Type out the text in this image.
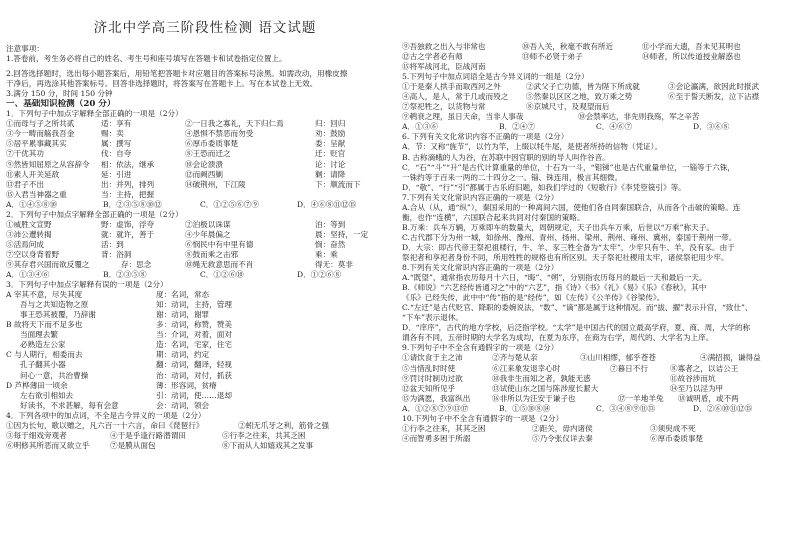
济北中学高三阶段性检测 语文试题
注意事项：
1.答卷前，考生务必将自己的姓名、考生号和座号填写在答题卡和试卷指定位置上。
2.回答选择题时，选出每小题答案后，用铅笔把答题卡对应题目的答案标号涂黑。如需改动，用橡皮擦
干净后，再选涂其他答案标号。回答非选择题时，将答案写在答题卡上。写在本试卷上无效。
3.满分 150 分，时间 150 分钟
一、基础知识检测（20 分）
1．下列句子中加点字解释全部正确的一项是（2分）
①而母与子之所共贰	适：享有	②一日我之寡礼，天下归仁焉	归：回归
③今一畴而觞我吾金	赐：卖	④恩惧不禁恶而勿受	劝：鼓励
⑤居平累事藏其实	属：撰写	⑥厚币委质事楚	委：呈献
⑦干优其功	伐：自夸	⑧王恐而迁之	迁：贬官
⑨然皆知屈原之从容辞令 相：依法，继承	⑩会论溃溃	论：讨论
⑪素人开关延敌	延：引进	⑫而阙西剿	剿：请降
⑬君子不出	出：并列，排列	⑭破荆州，下江陵	下：顺流而下
⑮入君当神器之重	当：主持，把握
A．①④⑤⑧⑩	B．②③⑤⑧⑩⑫	C．①②⑤⑥⑦⑨	D．④⑥⑧⑪⑫⑮
2．下列句子中加点字解释全部正确的一项是（2分）
①威胜文宣野	野：虚饰，浮夸	②泊极以诛谋	泊：等到
③沛公遭转揭	就：就许，善于	④少年晨偏之	晨：坚持，一定
⑤活焉问成	活：到	⑥悯民中有中里有德	悯：奋然
⑦空以身背着野	背：浴洞	⑧鼓而乘之击邪	乘：乘
⑨其存君兴国而欲反覆之	存：思念	⑩绳无救意思而不肖	得无：莫非
A．①③④⑥	B．②③⑤⑧	C．①②⑥⑩	D．①②⑥⑧
3．下列句子中加点字解释有误的一项是（2分）
A 宰其不意，尽失其度	度：名词，常态
吾与之共知造物之原	知：动词，主持，管理
事王恐其被覆，乃辞谢	谢：动词，谢罪
B 故将天下而不足多也	多：动词，称赞，赞美
当面理去繁	当：介词，对着，面对
必熟造左公家	造：名词，宅家，住宅
C 与人期行，相委而去	期：动词，约定
孔子翻其小器	翻：动词，翻译，轻视
问心一意，共治曹操	治：动词，对付，抓获
D 芦桦薄田一顷余	薄：形容词，贫瘠
左右欲引相如去	引：动词，使……退却
好读书，不求甚解，每有会意	会：动词，领会
4．下列各项中的加点词，不全是古今异义的一项是（2分）
①因为长句，歌以赠之，凡六百一十六言，命曰《琵琶行》	②蚓无爪牙之利，筋骨之强
③每于细戏旁观者	④于是乎逢行路潜谓田	⑤行李之往来，共其乏困
⑥明修其所恶而又欲立乎	⑦是膜从面包	⑧下而从人如嬉戏其之发事
⑨吾独救之出入与非常也	⑩吾入关，秋毫不敢有所近	⑪小学而大遗，吾未见其明也
⑫古之学者必有师	⑬师不必贤于弟子	⑭师者，所以传道授业解惑也
⑮将军战河北，臣战河南
5.下列句子中加点词语全是古今异义词的一组是（2分）
①于是秦人拱手而取西河之外	②武父子亡功德，皆为陛下所成就	③会论瀛满，欲因此时报武
④高人，是人，常于几或而殁之 ⑤然秦以区区之地，致万乘之势	⑥至于誓天断发，泣下沾襟
⑦祭祀牲之，以货物与常	⑧京城尺寸，及观望而后
⑨鹌衰之理，虽日天命，当非人事哉	⑩会禁率达，非先则我殇，军之辛苦
A．①③⑥	B．②④⑦	C．④⑥⑦	D．③⑥⑧
6. 下列有关文化常识内容不正确的一项是（2分）
A．节：又称“旌节”，以竹为竿，上缀以牦牛尾，是使者所持的信物（凭证）。
B. 古称滴蛾的人为谷，在苏联中因官职的别的导人叫作谷音。
C．“石”“斗”“升”是古代计算重量的单位，十石为一斗，“钼锑”也是古代重量单位，一锱等于六铢，
一铢约等于百来一两的二十四分之一。锱、铢连用，极言其细微。
D．“敬”、“行”“引”都属于古乐府旧题，如我们学过的《短歌行》《李凭箜篌引》等。
7.下列有关文化常识内容正确的一项是（2分）
A.合从（从，通“纵”），秦国采用的一种离间六国，使他们各自同秦国联合，从而各个击破的策略。连
衡，也作“连横”，六国联合起来共同对付秦国的策略。
B.万乘：兵车万辆，万乘即车的数量大，周朝规定，天子出兵车万乘，后世以“万乘”称天子。
C.古代郡下分为州一城，如徐州、豫州、青州、扬州、梁州、荆州、雍州、冀州，泰国于荆州一带。
D．大宗：即古代帝王祭祀祖楼行，牛、羊、豕三牲全备为“太牢”，少牢只有牛、羊，没有豕。由于
祭祀者和享祀者身份不同，所用牲牲的规格也有所区别。天子祭祀社稷用太牢，诸侯祭祀用少牢。
8.下列有关文化常识内容正确的一项是（2分）
A.“既望”，通常指农历每月十六日，“晦”、“朔”，分别指农历每月的最后一天和最后一天。
B.《师说》“六艺经传皆通习之”中的“六艺”，指《诗》《书》《礼》《易》《乐》《春秋》，其中
《乐》已经失传，此中中“传”指的是“经传”，如《左传》《公羊传》《谷梁传》。
C.“左迁”是古代贬官、降职的委婉说法，“数”、“谪”都是属于这种情况。而“拔、擢”表示升官，“致仕”、
“下车”表示退休。
D．“庠序”，古代的地方学校，后泛指学校。“太学”是中国古代的国立最高学府，夏、商、周，大学的称
谓各有不同，五帝时期的大学名为成均，在夏为东序，在商为右学，周代的、大学名为上庠。
9.下列句子中不全含有通假字的一项是（2分）
①请饮食于主之沛	②齐与楚从亲	③山川相缪，郁乎苍苍	④满招损，谦得益
⑤当惜乱时时使	⑥江来象发退幸心时	⑦暮日不行	⑧寡者之，以诘公王
⑨罚讨时制功过欲	⑩我非生而知之者，孰能无惑	⑪故谷涉而坑
⑫盆天知所见乎	⑬试使山东之国与陈涉度长絜大	⑭至乃以淫为甲
⑮为满愿，我富纵出	⑯非所以为汪安于谦子也	⑰一羊地羊兔 ⑱诚明盾，或不两
A．①②⑧⑦⑨⑬⑰	B．①⑤⑩⑧⑭	C．③④⑧⑨⑪⑬	D．②⑥⑩⑪⑫⑮
10.下列句子中不全含有通假字的一项是（2分）
①行李之往来，其其乏困	②距关，毋内诸侯	③须臾成不死
④而智勇多困于所溺	⑤乃令张仪详去秦	⑥厚币委质事楚
